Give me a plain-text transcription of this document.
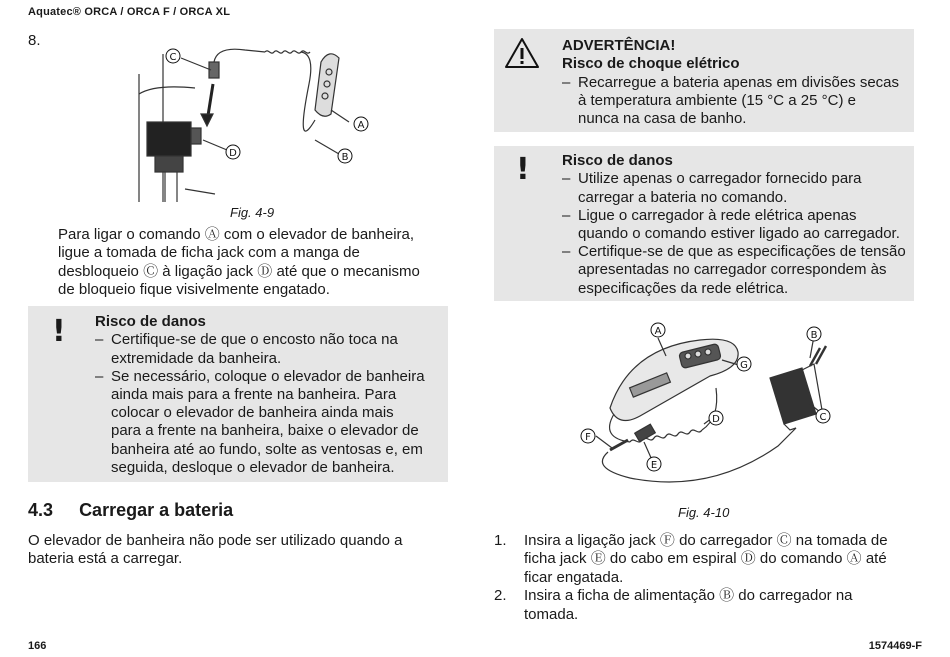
Aquatec® ORCA / ORCA F / ORCA XL
166	1574469-F
8.
C
D
A
B
Fig. 4-9
Para ligar o comando Ⓐ com o elevador de banheira,
ligue a tomada de ficha jack com a manga de
desbloqueio Ⓒ à ligação jack Ⓓ até que o mecanismo
de bloqueio fique visivelmente engatado.
! Risco de danos
– Certifique-se de que o encosto não toca na
extremidade da banheira.
– Se necessário, coloque o elevador de banheira
ainda mais para a frente na banheira. Para
colocar o elevador de banheira ainda mais
para a frente na banheira, baixe o elevador de
banheira até ao fundo, solte as ventosas e, em
seguida, desloque o elevador de banheira.
4.3 Carregar a bateria
O elevador de banheira não pode ser utilizado quando a
bateria está a carregar.
ADVERTÊNCIA!
Risco de choque elétrico
– Recarregue a bateria apenas em divisões secas
à temperatura ambiente (15 °C a 25 °C) e
nunca na casa de banho.
! Risco de danos
– Utilize apenas o carregador fornecido para
carregar a bateria no comando.
– Ligue o carregador à rede elétrica apenas
quando o comando estiver ligado ao carregador.
– Certifique-se de que as especificações de tensão
apresentadas no carregador correspondem às
especificações da rede elétrica.
A	B
C
D
E
F
G
Fig. 4-10
1. Insira a ligação jack Ⓕ do carregador Ⓒ na tomada de
ficha jack Ⓔ do cabo em espiral Ⓓ do comando Ⓐ até
ficar engatada.
2. Insira a ficha de alimentação Ⓑ do carregador na
tomada.
